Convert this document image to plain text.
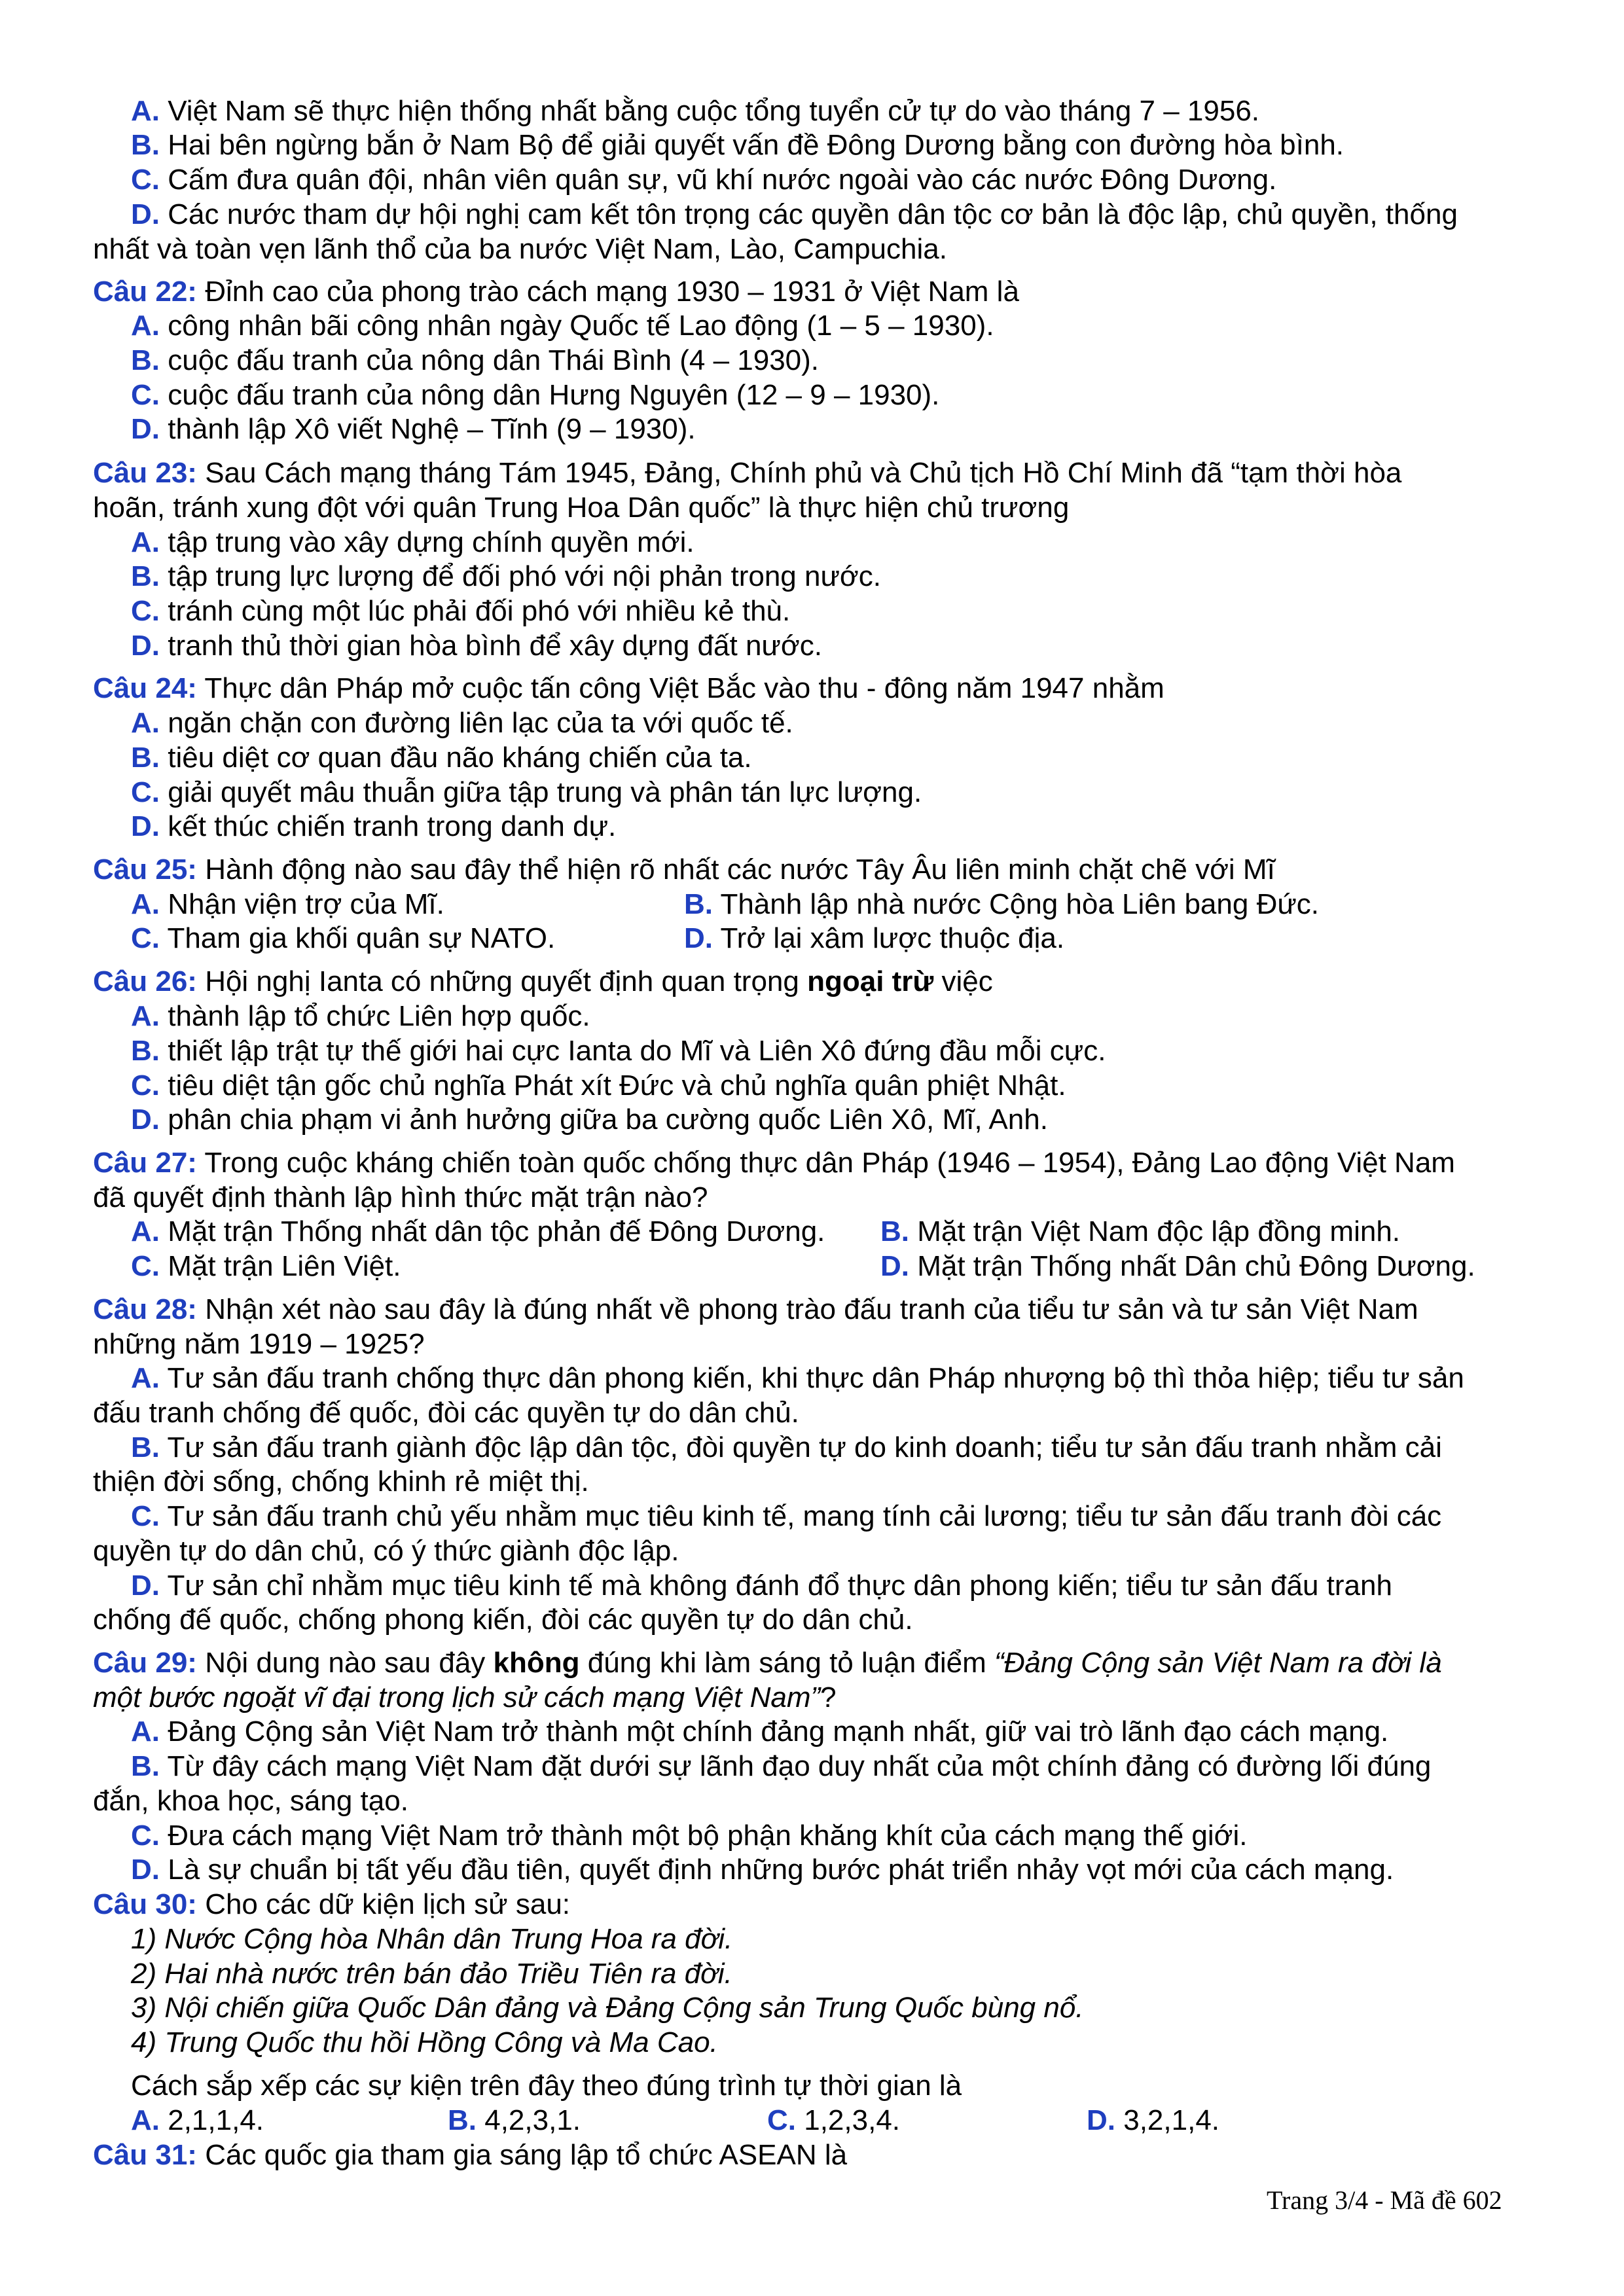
A. Việt Nam sẽ thực hiện thống nhất bằng cuộc tổng tuyển cử tự do vào tháng 7 – 1956.
B. Hai bên ngừng bắn ở Nam Bộ để giải quyết vấn đề Đông Dương bằng con đường hòa bình.
C. Cấm đưa quân đội, nhân viên quân sự, vũ khí nước ngoài vào các nước Đông Dương.
D. Các nước tham dự hội nghị cam kết tôn trọng các quyền dân tộc cơ bản là độc lập, chủ quyền, thống
nhất và toàn vẹn lãnh thổ của ba nước Việt Nam, Lào, Campuchia.
Câu 22: Đỉnh cao của phong trào cách mạng 1930 – 1931 ở Việt Nam là
A. công nhân bãi công nhân ngày Quốc tế Lao động (1 – 5 – 1930).
B. cuộc đấu tranh của nông dân Thái Bình (4 – 1930).
C. cuộc đấu tranh của nông dân Hưng Nguyên (12 – 9 – 1930).
D. thành lập Xô viết Nghệ – Tĩnh (9 – 1930).
Câu 23: Sau Cách mạng tháng Tám 1945, Đảng, Chính phủ và Chủ tịch Hồ Chí Minh đã “tạm thời hòa
hoãn, tránh xung đột với quân Trung Hoa Dân quốc” là thực hiện chủ trương
A. tập trung vào xây dựng chính quyền mới.
B. tập trung lực lượng để đối phó với nội phản trong nước.
C. tránh cùng một lúc phải đối phó với nhiều kẻ thù.
D. tranh thủ thời gian hòa bình để xây dựng đất nước.
Câu 24: Thực dân Pháp mở cuộc tấn công Việt Bắc vào thu - đông năm 1947 nhằm
A. ngăn chặn con đường liên lạc của ta với quốc tế.
B. tiêu diệt cơ quan đầu não kháng chiến của ta.
C. giải quyết mâu thuẫn giữa tập trung và phân tán lực lượng.
D. kết thúc chiến tranh trong danh dự.
Câu 25: Hành động nào sau đây thể hiện rõ nhất các nước Tây Âu liên minh chặt chẽ với Mĩ
A. Nhận viện trợ của Mĩ.	B. Thành lập nhà nước Cộng hòa Liên bang Đức.
C. Tham gia khối quân sự NATO.	D. Trở lại xâm lược thuộc địa.
Câu 26: Hội nghị Ianta có những quyết định quan trọng ngoại trừ việc
A. thành lập tổ chức Liên hợp quốc.
B. thiết lập trật tự thế giới hai cực Ianta do Mĩ và Liên Xô đứng đầu mỗi cực.
C. tiêu diệt tận gốc chủ nghĩa Phát xít Đức và chủ nghĩa quân phiệt Nhật.
D. phân chia phạm vi ảnh hưởng giữa ba cường quốc Liên Xô, Mĩ, Anh.
Câu 27: Trong cuộc kháng chiến toàn quốc chống thực dân Pháp (1946 – 1954), Đảng Lao động Việt Nam
đã quyết định thành lập hình thức mặt trận nào?
A. Mặt trận Thống nhất dân tộc phản đế Đông Dương. B. Mặt trận Việt Nam độc lập đồng minh.
C. Mặt trận Liên Việt.	D. Mặt trận Thống nhất Dân chủ Đông Dương.
Câu 28: Nhận xét nào sau đây là đúng nhất về phong trào đấu tranh của tiểu tư sản và tư sản Việt Nam
những năm 1919 – 1925?
A. Tư sản đấu tranh chống thực dân phong kiến, khi thực dân Pháp nhượng bộ thì thỏa hiệp; tiểu tư sản
đấu tranh chống đế quốc, đòi các quyền tự do dân chủ.
B. Tư sản đấu tranh giành độc lập dân tộc, đòi quyền tự do kinh doanh; tiểu tư sản đấu tranh nhằm cải
thiện đời sống, chống khinh rẻ miệt thị.
C. Tư sản đấu tranh chủ yếu nhằm mục tiêu kinh tế, mang tính cải lương; tiểu tư sản đấu tranh đòi các
quyền tự do dân chủ, có ý thức giành độc lập.
D. Tư sản chỉ nhằm mục tiêu kinh tế mà không đánh đổ thực dân phong kiến; tiểu tư sản đấu tranh
chống đế quốc, chống phong kiến, đòi các quyền tự do dân chủ.
Câu 29: Nội dung nào sau đây không đúng khi làm sáng tỏ luận điểm “Đảng Cộng sản Việt Nam ra đời là
một bước ngoặt vĩ đại trong lịch sử cách mạng Việt Nam”?
A. Đảng Cộng sản Việt Nam trở thành một chính đảng mạnh nhất, giữ vai trò lãnh đạo cách mạng.
B. Từ đây cách mạng Việt Nam đặt dưới sự lãnh đạo duy nhất của một chính đảng có đường lối đúng
đắn, khoa học, sáng tạo.
C. Đưa cách mạng Việt Nam trở thành một bộ phận khăng khít của cách mạng thế giới.
D. Là sự chuẩn bị tất yếu đầu tiên, quyết định những bước phát triển nhảy vọt mới của cách mạng.
Câu 30: Cho các dữ kiện lịch sử sau:
1) Nước Cộng hòa Nhân dân Trung Hoa ra đời.
2) Hai nhà nước trên bán đảo Triều Tiên ra đời.
3) Nội chiến giữa Quốc Dân đảng và Đảng Cộng sản Trung Quốc bùng nổ.
4) Trung Quốc thu hồi Hồng Công và Ma Cao.
Cách sắp xếp các sự kiện trên đây theo đúng trình tự thời gian là
A. 2,1,1,4.	B. 4,2,3,1.	C. 1,2,3,4.	D. 3,2,1,4.
Câu 31: Các quốc gia tham gia sáng lập tổ chức ASEAN là
Trang 3/4 - Mã đề 602
